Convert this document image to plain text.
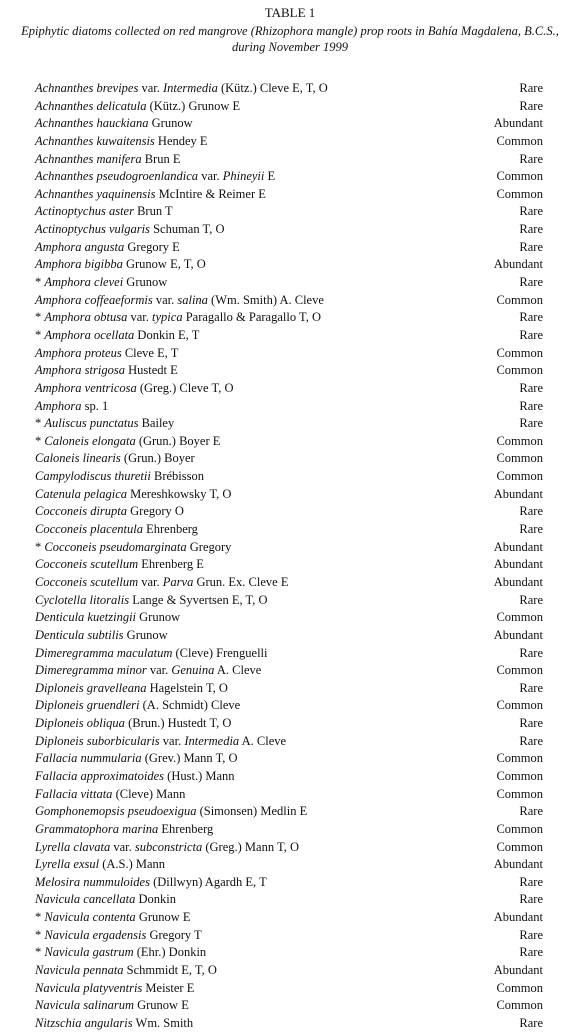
TABLE 1
Epiphytic diatoms collected on red mangrove (Rhizophora mangle) prop roots in Bahía Magdalena, B.C.S., during November 1999
Achnanthes brevipes var. Intermedia (Kütz.) Cleve E, T, O	Rare
Achnanthes delicatula (Kütz.) Grunow E	Rare
Achnanthes hauckiana Grunow	Abundant
Achnanthes kuwaitensis Hendey E	Common
Achnanthes manifera Brun E	Rare
Achnanthes pseudogroenlandica var. Phineyii E	Common
Achnanthes yaquinensis McIntire & Reimer E	Common
Actinoptychus aster Brun T	Rare
Actinoptychus vulgaris Schuman T, O	Rare
Amphora angusta Gregory E	Rare
Amphora bigibba Grunow E, T, O	Abundant
* Amphora clevei Grunow	Rare
Amphora coffeaeformis var. salina (Wm. Smith) A. Cleve	Common
* Amphora obtusa var. typica Paragallo & Paragallo T, O	Rare
* Amphora ocellata Donkin E, T	Rare
Amphora proteus Cleve E, T	Common
Amphora strigosa Hustedt E	Common
Amphora ventricosa (Greg.) Cleve T, O	Rare
Amphora sp. 1	Rare
* Auliscus punctatus Bailey	Rare
* Caloneis elongata (Grun.) Boyer E	Common
Caloneis linearis (Grun.) Boyer	Common
Campylodiscus thuretii Brébisson	Common
Catenula pelagica Mereshkowsky T, O	Abundant
Cocconeis dirupta Gregory O	Rare
Cocconeis placentula Ehrenberg	Rare
* Cocconeis pseudomarginata Gregory	Abundant
Cocconeis scutellum Ehrenberg E	Abundant
Cocconeis scutellum var. Parva Grun. Ex. Cleve E	Abundant
Cyclotella litoralis Lange & Syvertsen E, T, O	Rare
Denticula kuetzingii Grunow	Common
Denticula subtilis Grunow	Abundant
Dimeregramma maculatum (Cleve) Frenguelli	Rare
Dimeregramma minor var. Genuina A. Cleve	Common
Diploneis gravelleana Hagelstein T, O	Rare
Diploneis gruendleri (A. Schmidt) Cleve	Common
Diploneis obliqua (Brun.) Hustedt T, O	Rare
Diploneis suborbicularis var. Intermedia A. Cleve	Rare
Fallacia nummularia (Grev.) Mann T, O	Common
Fallacia approximatoides (Hust.) Mann	Common
Fallacia vittata (Cleve) Mann	Common
Gomphonemopsis pseudoexigua (Simonsen) Medlin E	Rare
Grammatophora marina Ehrenberg	Common
Lyrella clavata var. subconstricta (Greg.) Mann T, O	Common
Lyrella exsul (A.S.) Mann	Abundant
Melosira nummuloides (Dillwyn) Agardh E, T	Rare
Navicula cancellata Donkin	Rare
* Navicula contenta Grunow E	Abundant
* Navicula ergadensis Gregory T	Rare
* Navicula gastrum (Ehr.) Donkin	Rare
Navicula pennata Schmmidt E, T, O	Abundant
Navicula platyventris Meister E	Common
Navicula salinarum Grunow E	Common
Nitzschia angularis Wm. Smith	Rare
